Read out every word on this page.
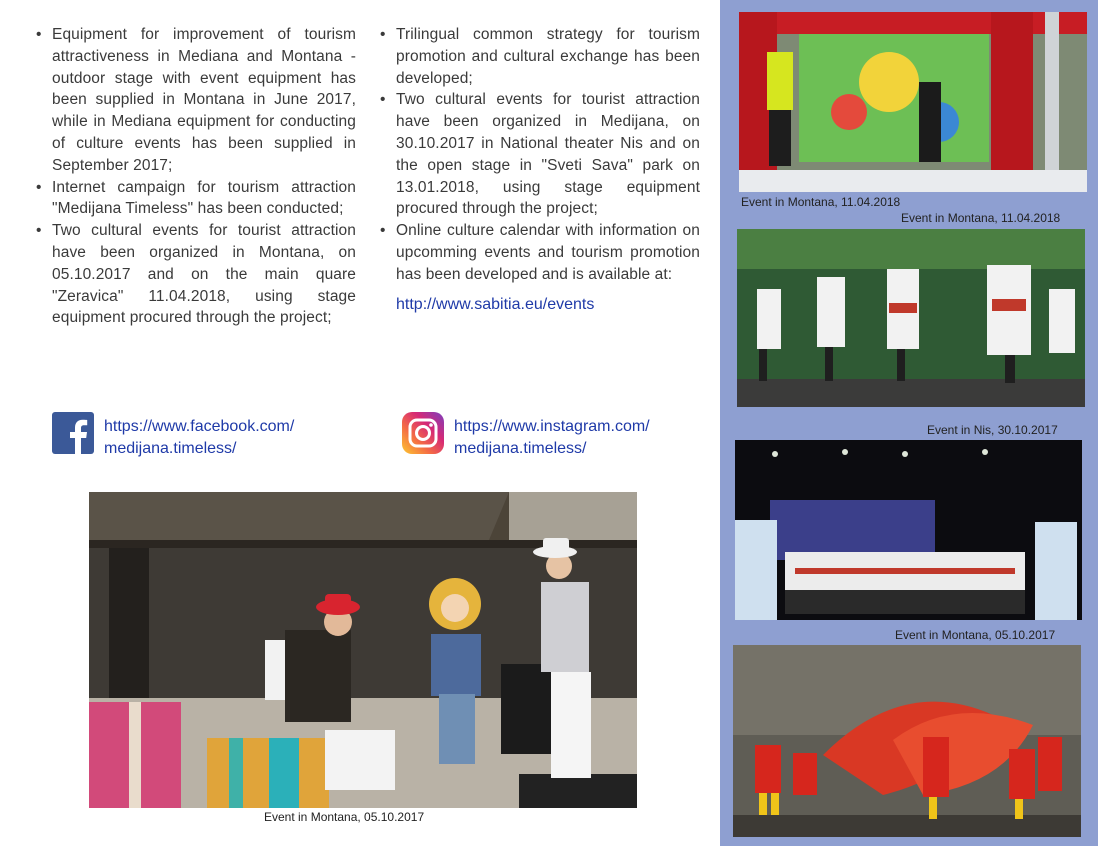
• Equipment for improvement of tourism attractiveness in Mediana and Montana - outdoor stage with event equipment has been supplied in Montana in June 2017, while in Mediana equipment for conducting of culture events has been supplied in September 2017;
• Internet campaign for tourism attraction "Medijana Timeless" has been conducted;
• Two cultural events for tourist attraction have been organized in Montana, on 05.10.2017 and on the main quare "Zeravica" 11.04.2018, using stage equipment procured through the project;
• Trilingual common strategy for tourism promotion and cultural exchange has been developed;
• Two cultural events for tourist attraction have been organized in Medijana, on 30.10.2017 in National theater Nis and on the open stage in "Sveti Sava" park on 13.01.2018, using stage equipment procured through the project;
• Online culture calendar with information on upcomming events and tourism promotion has been developed and is available at:
http://www.sabitia.eu/events
https://www.facebook.com/
medijana.timeless/
https://www.instagram.com/
medijana.timeless/
Event in Montana, 05.10.2017
Event in Montana, 11.04.2018
Event in Montana, 11.04.2018
Event in Nis, 30.10.2017
Event in Montana, 05.10.2017
